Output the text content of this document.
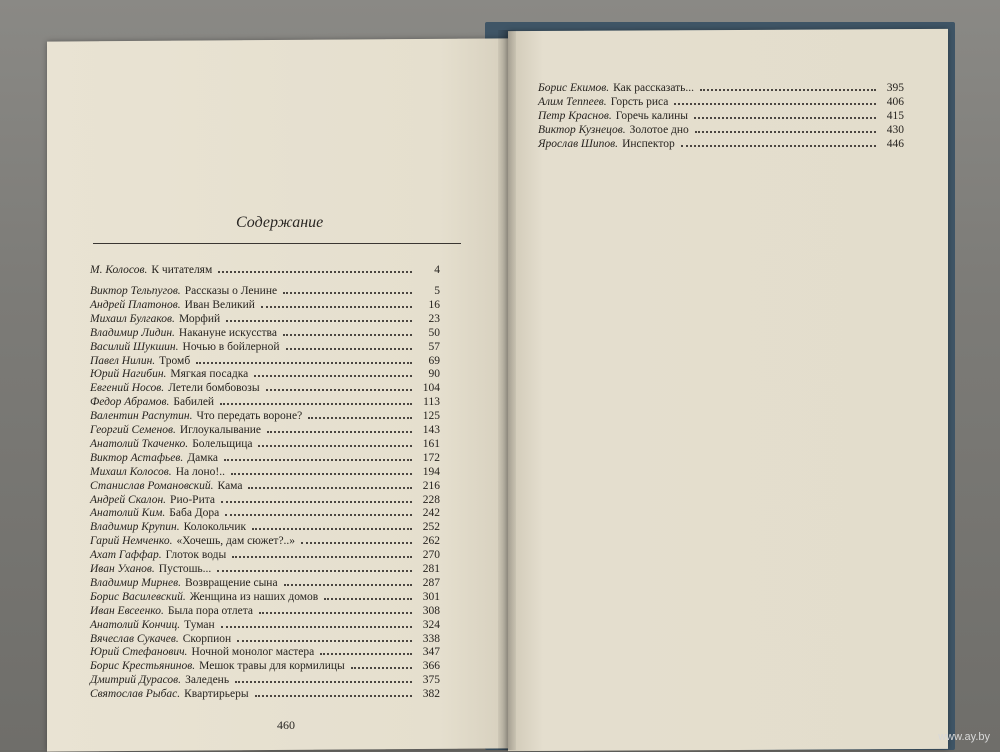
Содержание
М. Колосов. К читателям	4
Виктор Тельпугов. Рассказы о Ленине	5
Андрей Платонов. Иван Великий	16
Михаил Булгаков. Морфий	23
Владимир Лидин. Накануне искусства	50
Василий Шукшин. Ночью в бойлерной	57
Павел Нилин. Тромб	69
Юрий Нагибин. Мягкая посадка	90
Евгений Носов. Летели бомбовозы	104
Федор Абрамов. Бабилей	113
Валентин Распутин. Что передать вороне?	125
Георгий Семенов. Иглоукалывание	143
Анатолий Ткаченко. Болельщица	161
Виктор Астафьев. Дамка	172
Михаил Колосов. На лоно!..	194
Станислав Романовский. Кама	216
Андрей Скалон. Рио-Рита	228
Анатолий Ким. Баба Дора	242
Владимир Крупин. Колокольчик	252
Гарий Немченко. «Хочешь, дам сюжет?..»	262
Ахат Гаффар. Глоток воды	270
Иван Уханов. Пустошь...	281
Владимир Мирнев. Возвращение сына	287
Борис Василевский. Женщина из наших домов	301
Иван Евсеенко. Была пора отлета	308
Анатолий Кончиц. Туман	324
Вячеслав Сукачев. Скорпион	338
Юрий Стефанович. Ночной монолог мастера	347
Борис Крестьянинов. Мешок травы для кормилицы	366
Дмитрий Дурасов. Заледень	375
Святослав Рыбас. Квартирьеры	382
Борис Екимов. Как рассказать...	395
Алим Теппеев. Горсть риса	406
Петр Краснов. Горечь калины	415
Виктор Кузнецов. Золотое дно	430
Ярослав Шипов. Инспектор	446
460
www.ay.by
